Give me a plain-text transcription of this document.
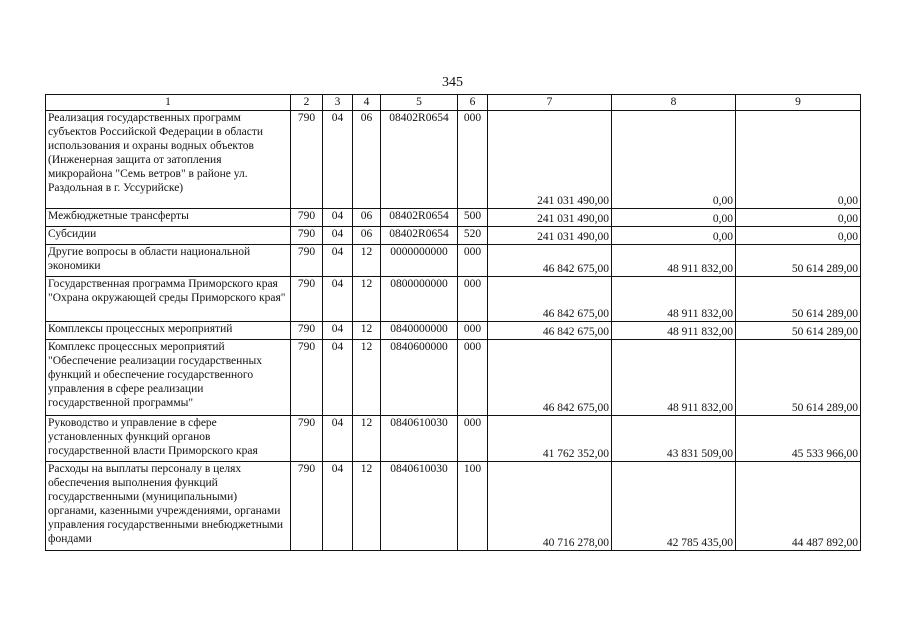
345
1	2	3	4	5	6	7	8	9
Реализация государственных программ субъектов Российской Федерации в области использования и охраны водных объектов (Инженерная защита от затопления микрорайона "Семь ветров" в районе ул. Раздольная в г. Уссурийске)	790	04	06	08402R0654	000	241 031 490,00	0,00	0,00
Межбюджетные трансферты	790	04	06	08402R0654	500	241 031 490,00	0,00	0,00
Субсидии	790	04	06	08402R0654	520	241 031 490,00	0,00	0,00
Другие вопросы в области национальной экономики	790	04	12	0000000000	000	46 842 675,00	48 911 832,00	50 614 289,00
Государственная программа Приморского края "Охрана окружающей среды Приморского края"	790	04	12	0800000000	000	46 842 675,00	48 911 832,00	50 614 289,00
Комплексы процессных мероприятий	790	04	12	0840000000	000	46 842 675,00	48 911 832,00	50 614 289,00
Комплекс процессных мероприятий "Обеспечение реализации государственных функций и обеспечение государственного управления в сфере реализации государственной программы"	790	04	12	0840600000	000	46 842 675,00	48 911 832,00	50 614 289,00
Руководство и управление в сфере установленных функций органов государственной власти Приморского края	790	04	12	0840610030	000	41 762 352,00	43 831 509,00	45 533 966,00
Расходы на выплаты персоналу в целях обеспечения выполнения функций государственными (муниципальными) органами, казенными учреждениями, органами управления государственными внебюджетными фондами	790	04	12	0840610030	100	40 716 278,00	42 785 435,00	44 487 892,00
